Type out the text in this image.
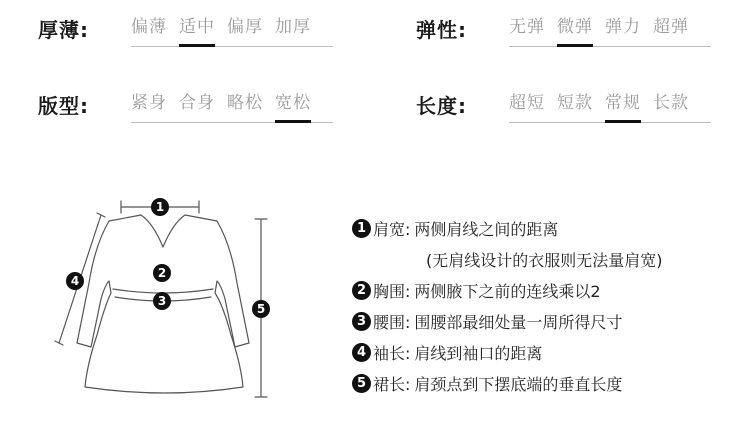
厚薄: 偏薄 适中 偏厚 加厚	弹性: 无弹 微弹 弹力 超弹
版型: 紧身 合身 略松 宽松	长度: 超短 短款 常规 长款
1
2
3
4
5
1 肩宽: 两侧肩线之间的距离
(无肩线设计的衣服则无法量肩宽)
2 胸围: 两侧腋下之前的连线乘以2
3 腰围: 围腰部最细处量一周所得尺寸
4 袖长: 肩线到袖口的距离
5 裙长: 肩颈点到下摆底端的垂直长度
